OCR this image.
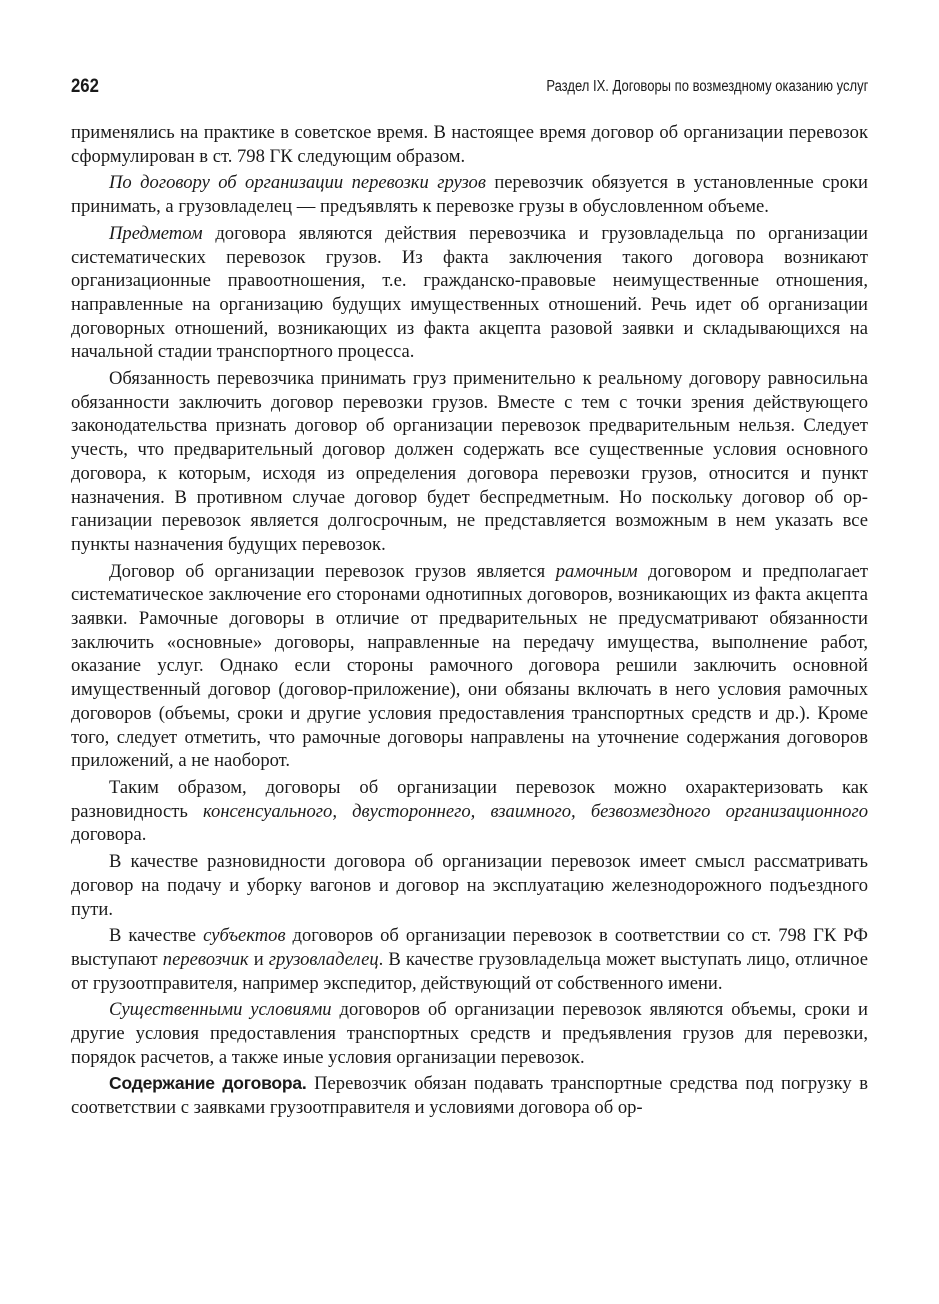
262	Раздел IX. Договоры по возмездному оказанию услуг

применялись на практике в советское время. В настоящее время договор об организации перевозок сформулирован в ст. 798 ГК следующим образом.

По договору об организации перевозки грузов перевозчик обязуется в установленные сроки принимать, а грузовладелец — предъявлять к перевозке грузы в обусловленном объеме.

Предметом договора являются действия перевозчика и грузовладельца по организации систематических перевозок грузов. Из факта заключения такого договора возникают организационные правоотношения, т.е. гражданско-правовые неимущественные отношения, направленные на организацию будущих имущественных отношений. Речь идет об организации договорных отношений, возникающих из факта акцепта разовой заявки и складывающихся на начальной стадии транспортного процесса.

Обязанность перевозчика принимать груз применительно к реальному договору равносильна обязанности заключить договор перевозки грузов. Вместе с тем с точки зрения действующего законодательства признать договор об организации перевозок предварительным нельзя. Следует учесть, что предварительный договор должен содержать все существенные условия основного договора, к которым, исходя из определения договора перевозки грузов, относится и пункт назначения. В противном случае договор будет беспредметным. Но поскольку договор об организации перевозок является долгосрочным, не представляется возможным в нем указать все пункты назначения будущих перевозок.

Договор об организации перевозок грузов является рамочным договором и предполагает систематическое заключение его сторонами однотипных договоров, возникающих из факта акцепта заявки. Рамочные договоры в отличие от предварительных не предусматривают обязанности заключить «основные» договоры, направленные на передачу имущества, выполнение работ, оказание услуг. Однако если стороны рамочного договора решили заключить основной имущественный договор (договор-приложение), они обязаны включать в него условия рамочных договоров (объемы, сроки и другие условия предоставления транспортных средств и др.). Кроме того, следует отметить, что рамочные договоры направлены на уточнение содержания договоров приложений, а не наоборот.

Таким образом, договоры об организации перевозок можно охарактеризовать как разновидность консенсуального, двустороннего, взаимного, безвозмездного организационного договора.

В качестве разновидности договора об организации перевозок имеет смысл рассматривать договор на подачу и уборку вагонов и договор на эксплуатацию железнодорожного подъездного пути.

В качестве субъектов договоров об организации перевозок в соответствии со ст. 798 ГК РФ выступают перевозчик и грузовладелец. В качестве грузовладельца может выступать лицо, отличное от грузоотправителя, например экспедитор, действующий от собственного имени.

Существенными условиями договоров об организации перевозок являются объемы, сроки и другие условия предоставления транспортных средств и предъявления грузов для перевозки, порядок расчетов, а также иные условия организации перевозок.

Содержание договора. Перевозчик обязан подавать транспортные средства под погрузку в соответствии с заявками грузоотправителя и условиями договора об ор-
